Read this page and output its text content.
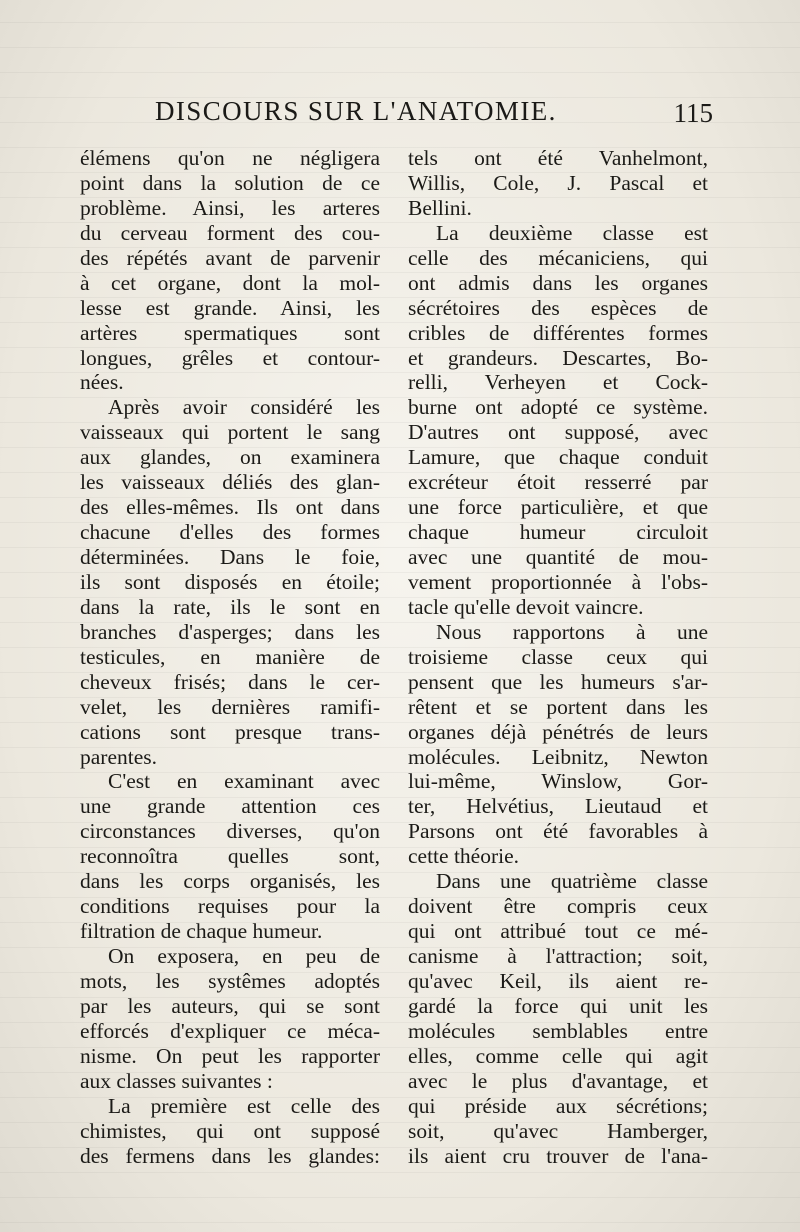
DISCOURS SUR L'ANATOMIE.	115
élémens qu'on ne négligera
point dans la solution de ce
problème. Ainsi, les arteres
du cerveau forment des cou-
des répétés avant de parvenir
à cet organe, dont la mol-
lesse est grande. Ainsi, les
artères spermatiques sont
longues, grêles et contour-
nées.
Après avoir considéré les
vaisseaux qui portent le sang
aux glandes, on examinera
les vaisseaux déliés des glan-
des elles-mêmes. Ils ont dans
chacune d'elles des formes
déterminées. Dans le foie,
ils sont disposés en étoile;
dans la rate, ils le sont en
branches d'asperges; dans les
testicules, en manière de
cheveux frisés; dans le cer-
velet, les dernières ramifi-
cations sont presque trans-
parentes.
C'est en examinant avec
une grande attention ces
circonstances diverses, qu'on
reconnoîtra quelles sont,
dans les corps organisés, les
conditions requises pour la
filtration de chaque humeur.
On exposera, en peu de
mots, les systêmes adoptés
par les auteurs, qui se sont
efforcés d'expliquer ce méca-
nisme. On peut les rapporter
aux classes suivantes :
La première est celle des
chimistes, qui ont supposé
des fermens dans les glandes:
tels ont été Vanhelmont,
Willis, Cole, J. Pascal et
Bellini.
La deuxième classe est
celle des mécaniciens, qui
ont admis dans les organes
sécrétoires des espèces de
cribles de différentes formes
et grandeurs. Descartes, Bo-
relli, Verheyen et Cock-
burne ont adopté ce système.
D'autres ont supposé, avec
Lamure, que chaque conduit
excréteur étoit resserré par
une force particulière, et que
chaque humeur circuloit
avec une quantité de mou-
vement proportionnée à l'obs-
tacle qu'elle devoit vaincre.
Nous rapportons à une
troisieme classe ceux qui
pensent que les humeurs s'ar-
rêtent et se portent dans les
organes déjà pénétrés de leurs
molécules. Leibnitz, Newton
lui-même, Winslow, Gor-
ter, Helvétius, Lieutaud et
Parsons ont été favorables à
cette théorie.
Dans une quatrième classe
doivent être compris ceux
qui ont attribué tout ce mé-
canisme à l'attraction; soit,
qu'avec Keil, ils aient re-
gardé la force qui unit les
molécules semblables entre
elles, comme celle qui agit
avec le plus d'avantage, et
qui préside aux sécrétions;
soit, qu'avec Hamberger,
ils aient cru trouver de l'ana-
